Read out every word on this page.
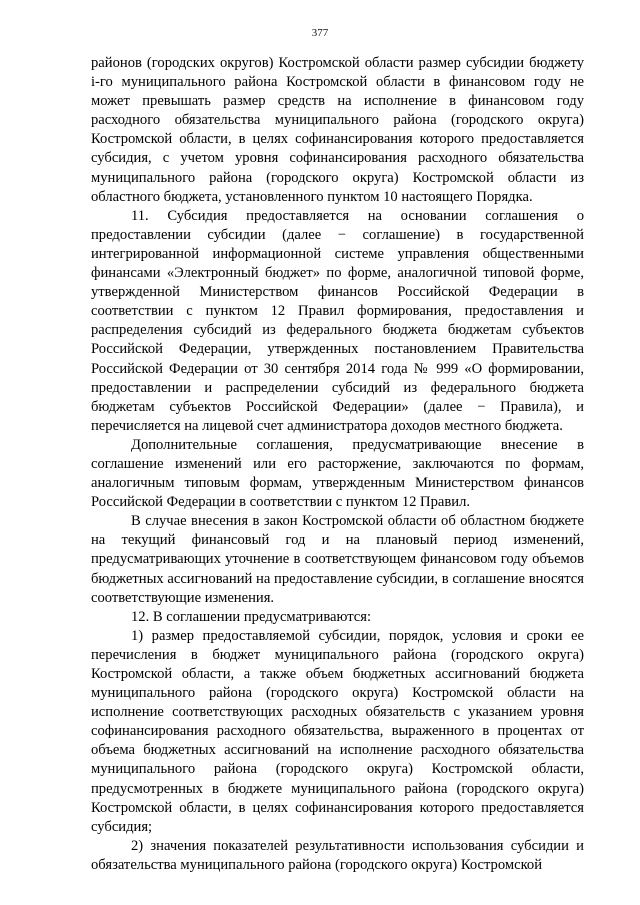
377

районов (городских округов) Костромской области размер субсидии бюджету i-го муниципального района Костромской области в финансовом году не может превышать размер средств на исполнение в финансовом году расходного обязательства муниципального района (городского округа) Костромской области, в целях софинансирования которого предоставляется субсидия, с учетом уровня софинансирования расходного обязательства муниципального района (городского округа) Костромской области из областного бюджета, установленного пунктом 10 настоящего Порядка.

11. Субсидия предоставляется на основании соглашения о предоставлении субсидии (далее − соглашение) в государственной интегрированной информационной системе управления общественными финансами «Электронный бюджет» по форме, аналогичной типовой форме, утвержденной Министерством финансов Российской Федерации в соответствии с пунктом 12 Правил формирования, предоставления и распределения субсидий из федерального бюджета бюджетам субъектов Российской Федерации, утвержденных постановлением Правительства Российской Федерации от 30 сентября 2014 года № 999 «О формировании, предоставлении и распределении субсидий из федерального бюджета бюджетам субъектов Российской Федерации» (далее − Правила), и перечисляется на лицевой счет администратора доходов местного бюджета.

Дополнительные соглашения, предусматривающие внесение в соглашение изменений или его расторжение, заключаются по формам, аналогичным типовым формам, утвержденным Министерством финансов Российской Федерации в соответствии с пунктом 12 Правил.

В случае внесения в закон Костромской области об областном бюджете на текущий финансовый год и на плановый период изменений, предусматривающих уточнение в соответствующем финансовом году объемов бюджетных ассигнований на предоставление субсидии, в соглашение вносятся соответствующие изменения.

12. В соглашении предусматриваются:

1) размер предоставляемой субсидии, порядок, условия и сроки ее перечисления в бюджет муниципального района (городского округа) Костромской области, а также объем бюджетных ассигнований бюджета муниципального района (городского округа) Костромской области на исполнение соответствующих расходных обязательств с указанием уровня софинансирования расходного обязательства, выраженного в процентах от объема бюджетных ассигнований на исполнение расходного обязательства муниципального района (городского округа) Костромской области, предусмотренных в бюджете муниципального района (городского округа) Костромской области, в целях софинансирования которого предоставляется субсидия;

2) значения показателей результативности использования субсидии и обязательства муниципального района (городского округа) Костромской
